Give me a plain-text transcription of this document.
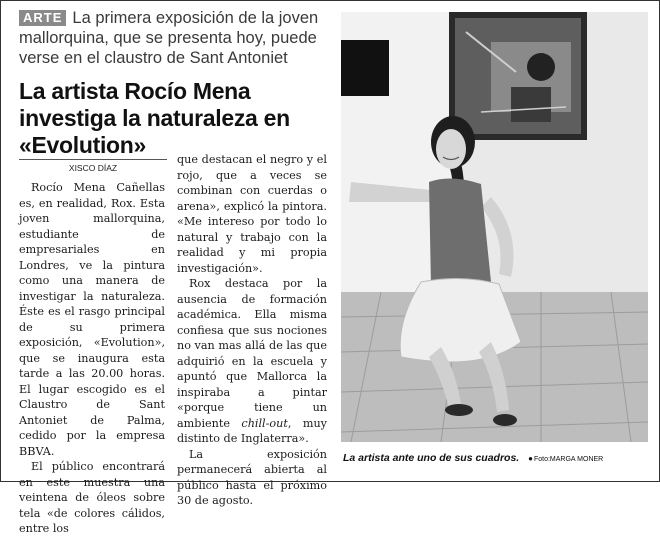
ARTE La primera exposición de la joven mallorquina, que se presenta hoy, puede verse en el claustro de Sant Antoniet
La artista Rocío Mena investiga la naturaleza en «Evolution»
XISCO DÍAZ

Rocío Mena Cañellas es, en realidad, Rox. Esta joven mallorquina, estudiante de empresariales en Londres, ve la pintura como una manera de investigar la naturaleza. Éste es el rasgo principal de su primera exposición, «Evolution», que se inaugura esta tarde a las 20.00 horas. El lugar escogido es el Claustro de Sant Antoniet de Palma, cedido por la empresa BBVA.

El público encontrará en este muestra una veintena de óleos sobre tela «de colores cálidos, entre los

que destacan el negro y el rojo, que a veces se combinan con cuerdas o arena», explicó la pintora. «Me intereso por todo lo natural y trabajo con la realidad y mi propia investigación».

Rox destaca por la ausencia de formación académica. Ella misma confiesa que sus nociones no van mas allá de las que adquirió en la escuela y apuntó que Mallorca la inspiraba a pintar «porque tiene un ambiente chill-out, muy distinto de Inglaterra».

La exposición permanecerá abierta al público hasta el próximo 30 de agosto.

La artista ante uno de sus cuadros. ●Foto:MARGA MONER
